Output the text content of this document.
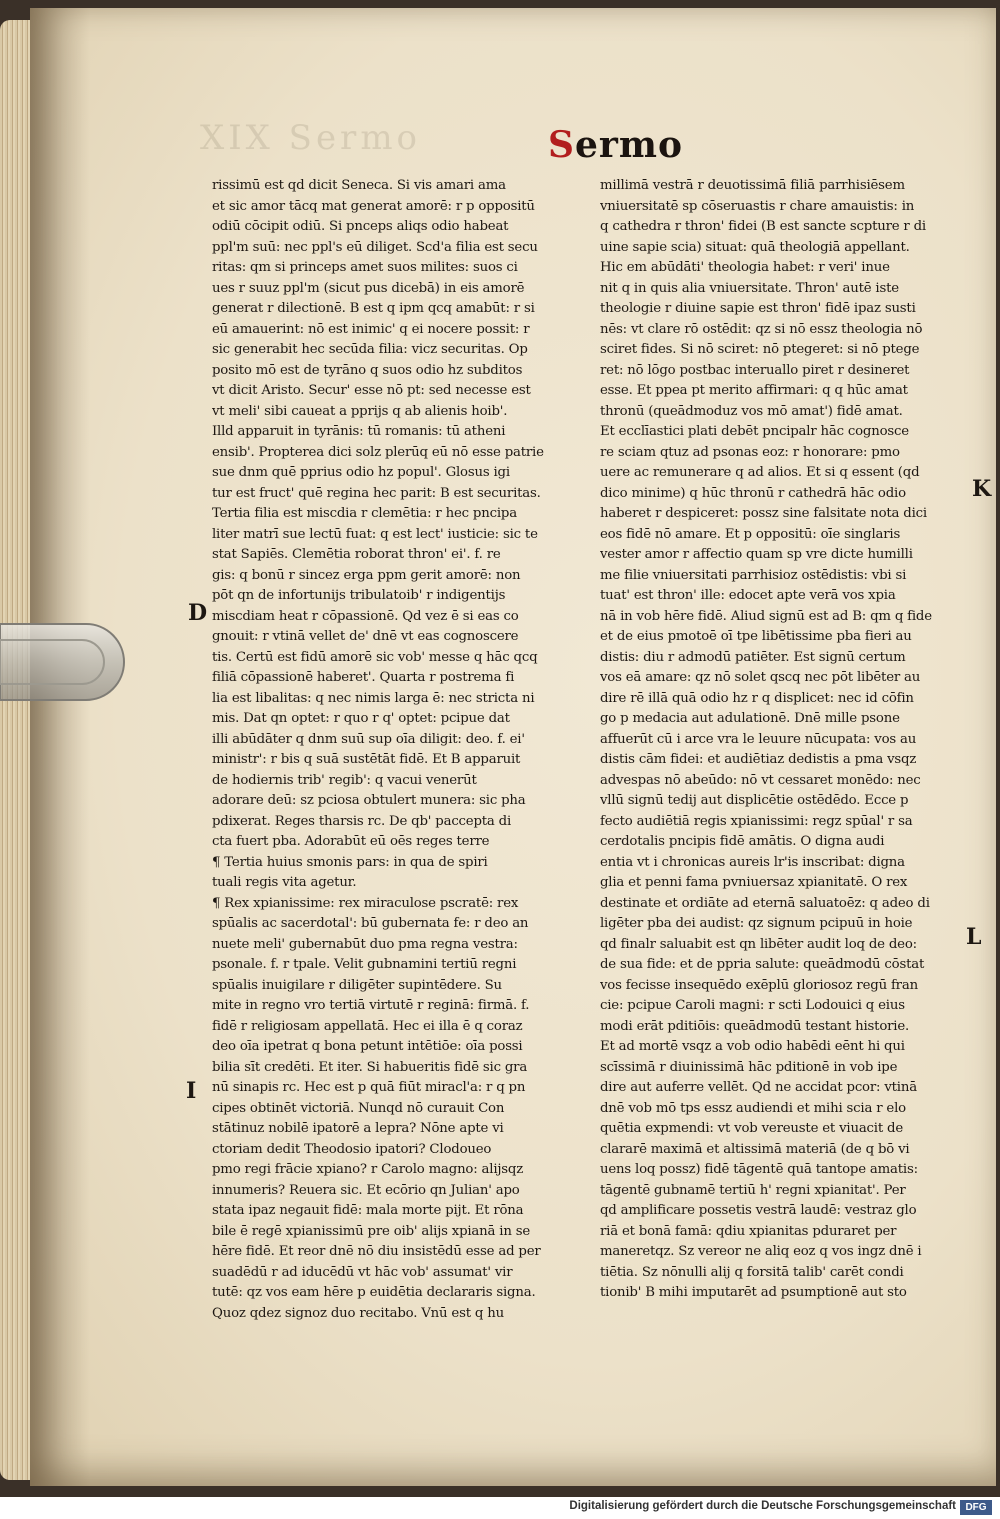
XIX Sermo	Sermo
rissimū est qd dicit Seneca. Si vis amari ama
et sic amor tācq mat generat amorē: r p oppositū
odiū cōcipit odiū. Si pnceps aliqs odio habeat
ppl'm suū: nec ppl's eū diliget. Scd'a filia est secu
ritas: qm si princeps amet suos milites: suos ci
ues r suuz ppl'm (sicut pus dicebā) in eis amorē
generat r dilectionē. B est q ipm qcq amabūt: r si
eū amauerint: nō est inimic' q ei nocere possit: r
sic generabit hec secūda filia: vicz securitas. Op
posito mō est de tyrāno q suos odio hz subditos
vt dicit Aristo. Secur' esse nō pt: sed necesse est
vt meli' sibi caueat a pprijs q ab alienis hoib'.
Illd apparuit in tyrānis: tū romanis: tū atheni
ensib'. Propterea dici solz plerūq eū nō esse patrie
sue dnm quē pprius odio hz popul'. Glosus igi
tur est fruct' quē regina hec parit: B est securitas.
Tertia filia est miscdia r clemētia: r hec pncipa
liter matrī sue lectū fuat: q est lect' iusticie: sic te
stat Sapiēs. Clemētia roborat thron' ei'. f. re
gis: q bonū r sincez erga ppm gerit amorē: non
pōt qn de infortunijs tribulatoib' r indigentijs
miscdiam heat r cōpassionē. Qd vez ē si eas co
gnouit: r vtinā vellet de' dnē vt eas cognoscere
tis. Certū est fidū amorē sic vob' messe q hāc qcq
filiā cōpassionē haberet'. Quarta r postrema fi
lia est libalitas: q nec nimis larga ē: nec stricta ni
mis. Dat qn optet: r quo r q' optet: pcipue dat
illi abūdāter q dnm suū sup oīa diligit: deo. f. ei'
ministr': r bis q suā sustētāt fidē. Et B apparuit
de hodiernis trib' regib': q vacui venerūt
adorare deū: sz pciosa obtulert munera: sic pha
pdixerat. Reges tharsis rc. De qb' paccepta di
cta fuert pba. Adorabūt eū oēs reges terre
¶ Tertia huius smonis pars: in qua de spiri
tuali regis vita agetur.
¶ Rex xpianissime: rex miraculose pscratē: rex
spūalis ac sacerdotal': bū gubernata fe: r deo an
nuete meli' gubernabūt duo pma regna vestra:
psonale. f. r tpale. Velit gubnamini tertiū regni
spūalis inuigilare r diligēter supintēdere. Su
mite in regno vro tertiā virtutē r reginā: firmā. f.
fidē r religiosam appellatā. Hec ei illa ē q coraz
deo oīa ipetrat q bona petunt intētiōe: oīa possi
bilia sīt credēti. Et iter. Si habueritis fidē sic gra
nū sinapis rc. Hec est p quā fiūt miracl'a: r q pn
cipes obtinēt victoriā. Nunqd nō curauit Con
stātinuz nobilē ipatorē a lepra? Nōne apte vi
ctoriam dedit Theodosio ipatori? Clodoueo
pmo regi frācie xpiano? r Carolo magno: alijsqz
innumeris? Reuera sic. Et ecōrio qn Julian' apo
stata ipaz negauit fidē: mala morte pijt. Et rōna
bile ē regē xpianissimū pre oib' alijs xpianā in se
hēre fidē. Et reor dnē nō diu insistēdū esse ad per
suadēdū r ad iducēdū vt hāc vob' assumat' vir
tutē: qz vos eam hēre p euidētia declararis signa.
Quoz qdez signoz duo recitabo. Vnū est q hu
millimā vestrā r deuotissimā filiā parrhisiēsem
vniuersitatē sp cōseruastis r chare amauistis: in
q cathedra r thron' fidei (B est sancte scpture r di
uine sapie scia) situat: quā theologiā appellant.
Hic em abūdāti' theologia habet: r veri' inue
nit q in quis alia vniuersitate. Thron' autē iste
theologie r diuine sapie est thron' fidē ipaz susti
nēs: vt clare rō ostēdit: qz si nō essz theologia nō
sciret fides. Si nō sciret: nō ptegeret: si nō ptege
ret: nō lōgo postbac interuallo piret r desineret
esse. Et ppea pt merito affirmari: q q hūc amat
thronū (queādmoduz vos mō amat') fidē amat.
Et ecclīastici plati debēt pncipalr hāc cognosce
re sciam qtuz ad psonas eoz: r honorare: pmo
uere ac remunerare q ad alios. Et si q essent (qd
dico minime) q hūc thronū r cathedrā hāc odio
haberet r despiceret: possz sine falsitate nota dici
eos fidē nō amare. Et p oppositū: oīe singlaris
vester amor r affectio quam sp vre dicte humilli
me filie vniuersitati parrhisioz ostēdistis: vbi si
tuat' est thron' ille: edocet apte verā vos xpia
nā in vob hēre fidē. Aliud signū est ad B: qm q fide
et de eius pmotoē oī tpe libētissime pba fieri au
distis: diu r admodū patiēter. Est signū certum
vos eā amare: qz nō solet qscq nec pōt libēter au
dire rē illā quā odio hz r q displicet: nec id cōfin
go p medacia aut adulationē. Dnē mille psone
affuerūt cū i arce vra le leuure nūcupata: vos au
distis cām fidei: et audiētiaz dedistis a pma vsqz
advespas nō abeūdo: nō vt cessaret monēdo: nec
vllū signū tedij aut displicētie ostēdēdo. Ecce p
fecto audiētiā regis xpianissimi: regz spūal' r sa
cerdotalis pncipis fidē amātis. O digna audi
entia vt i chronicas aureis lr'is inscribat: digna
glia et penni fama pvniuersaz xpianitatē. O rex
destinate et ordiāte ad eternā saluatoēz: q adeo di
ligēter pba dei audist: qz signum pcipuū in hoie
qd finalr saluabit est qn libēter audit loq de deo:
de sua fide: et de ppria salute: queādmodū cōstat
vos fecisse insequēdo exēplū gloriosoz regū fran
cie: pcipue Caroli magni: r scti Lodouici q eius
modi erāt pditiōis: queādmodū testant historie.
Et ad mortē vsqz a vob odio habēdi eēnt hi qui
scīssimā r diuinissimā hāc pditionē in vob ipe
dire aut auferre vellēt. Qd ne accidat pcor: vtinā
dnē vob mō tps essz audiendi et mihi scia r elo
quētia expmendi: vt vob vereuste et viuacit de
clararē maximā et altissimā materiā (de q bō vi
uens loq possz) fidē tāgentē quā tantope amatis:
tāgentē gubnamē tertiū h' regni xpianitat'. Per
qd amplificare possetis vestrā laudē: vestraz glo
riā et bonā famā: qdiu xpianitas pduraret per
maneretqz. Sz vereor ne aliq eoz q vos ingz dnē i
tiētia. Sz nōnulli alij q forsitā talib' carēt condi
tionib' B mihi imputarēt ad psumptionē aut sto
D
I
K
L
Digitalisierung gefördert durch die Deutsche Forschungsgemeinschaft DFG
